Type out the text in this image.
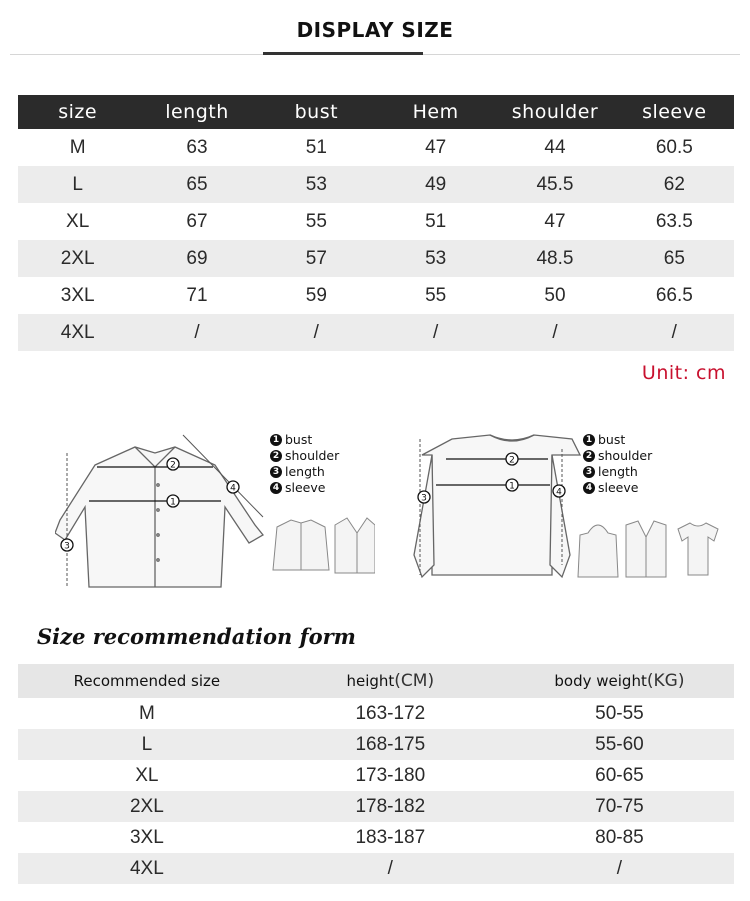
DISPLAY SIZE
size	length	bust	Hem	shoulder	sleeve
M	63	51	47	44	60.5
L	65	53	49	45.5	62
XL	67	55	51	47	63.5
2XL	69	57	53	48.5	65
3XL	71	59	55	50	66.5
4XL	/	/	/	/	/
Unit: cm
1
2
3
4
1 bust
2 shoulder
3 length
4 sleeve	1
2
3
4
1 bust
2 shoulder
3 length
4 sleeve
Size recommendation form
Recommended size	height(CM)	body weight(KG)
M	163-172	50-55
L	168-175	55-60
XL	173-180	60-65
2XL	178-182	70-75
3XL	183-187	80-85
4XL	/	/
